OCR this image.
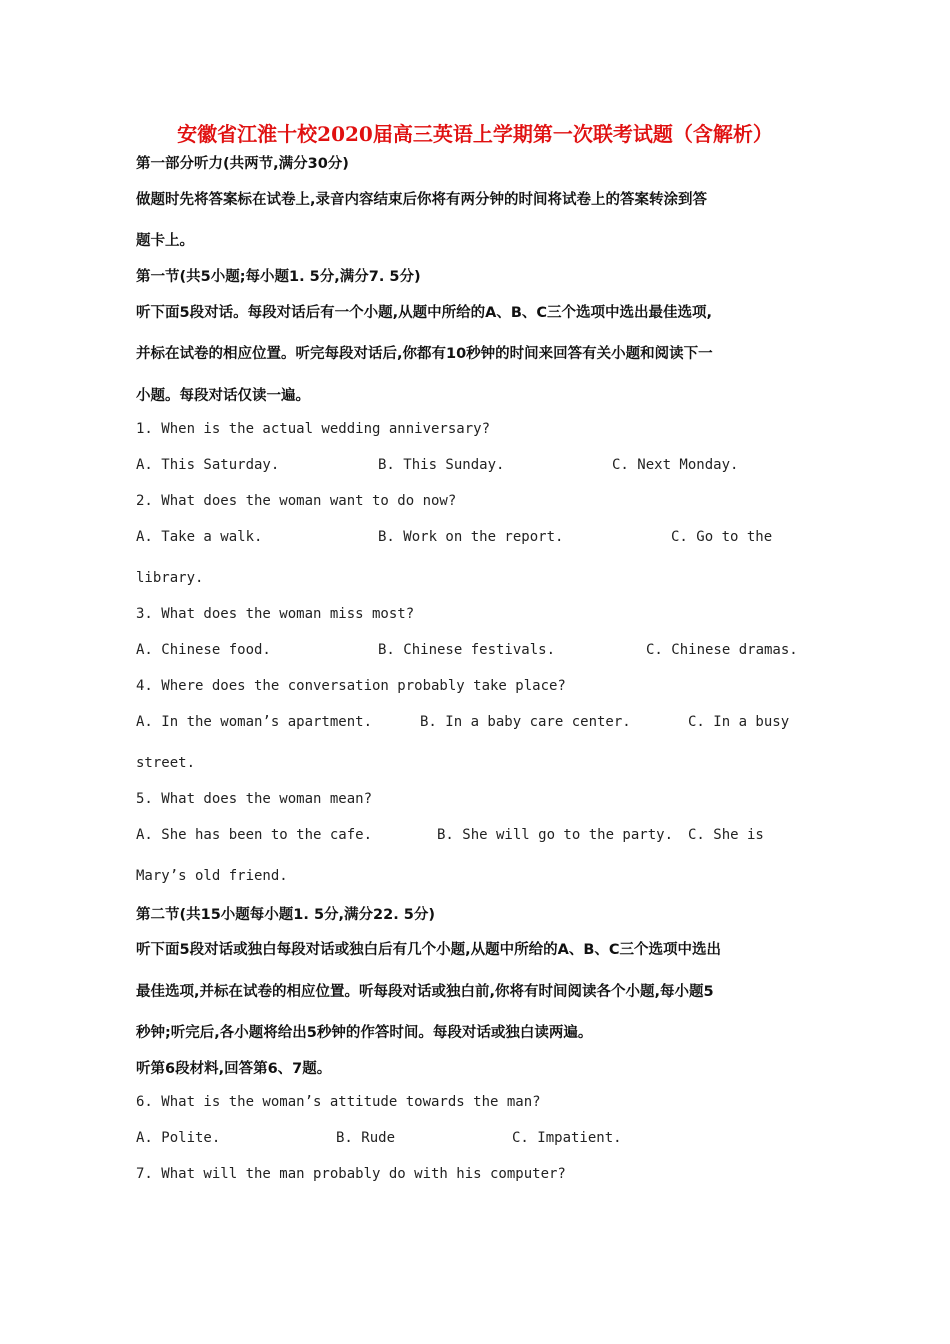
安徽省江淮十校2020届高三英语上学期第一次联考试题（含解析）
第一部分听力(共两节,满分30分)
做题时先将答案标在试卷上,录音内容结束后你将有两分钟的时间将试卷上的答案转涂到答
题卡上。
第一节(共5小题;每小题1. 5分,满分7. 5分)
听下面5段对话。每段对话后有一个小题,从题中所给的A、B、C三个选项中选出最佳选项,
并标在试卷的相应位置。听完每段对话后,你都有10秒钟的时间来回答有关小题和阅读下一
小题。每段对话仅读一遍。
1. When is the actual wedding anniversary?
A. This Saturday.	B. This Sunday.	C. Next Monday.
2. What does the woman want to do now?
A. Take a walk.	B. Work on the report.	C. Go to the
library.
3. What does the woman miss most?
A. Chinese food.	B. Chinese festivals.	C. Chinese dramas.
4. Where does the conversation probably take place?
A. In the woman’s apartment.	B. In a baby care center.	C. In a busy
street.
5. What does the woman mean?
A. She has been to the cafe.	B. She will go to the party. C. She is
Mary’s old friend.
第二节(共15小题每小题1. 5分,满分22. 5分)
听下面5段对话或独白每段对话或独白后有几个小题,从题中所给的A、B、C三个选项中选出
最佳选项,并标在试卷的相应位置。听每段对话或独白前,你将有时间阅读各个小题,每小题5
秒钟;听完后,各小题将给出5秒钟的作答时间。每段对话或独白读两遍。
听第6段材料,回答第6、7题。
6. What is the woman’s attitude towards the man?
A. Polite.	B. Rude	C. Impatient.
7. What will the man probably do with his computer?
